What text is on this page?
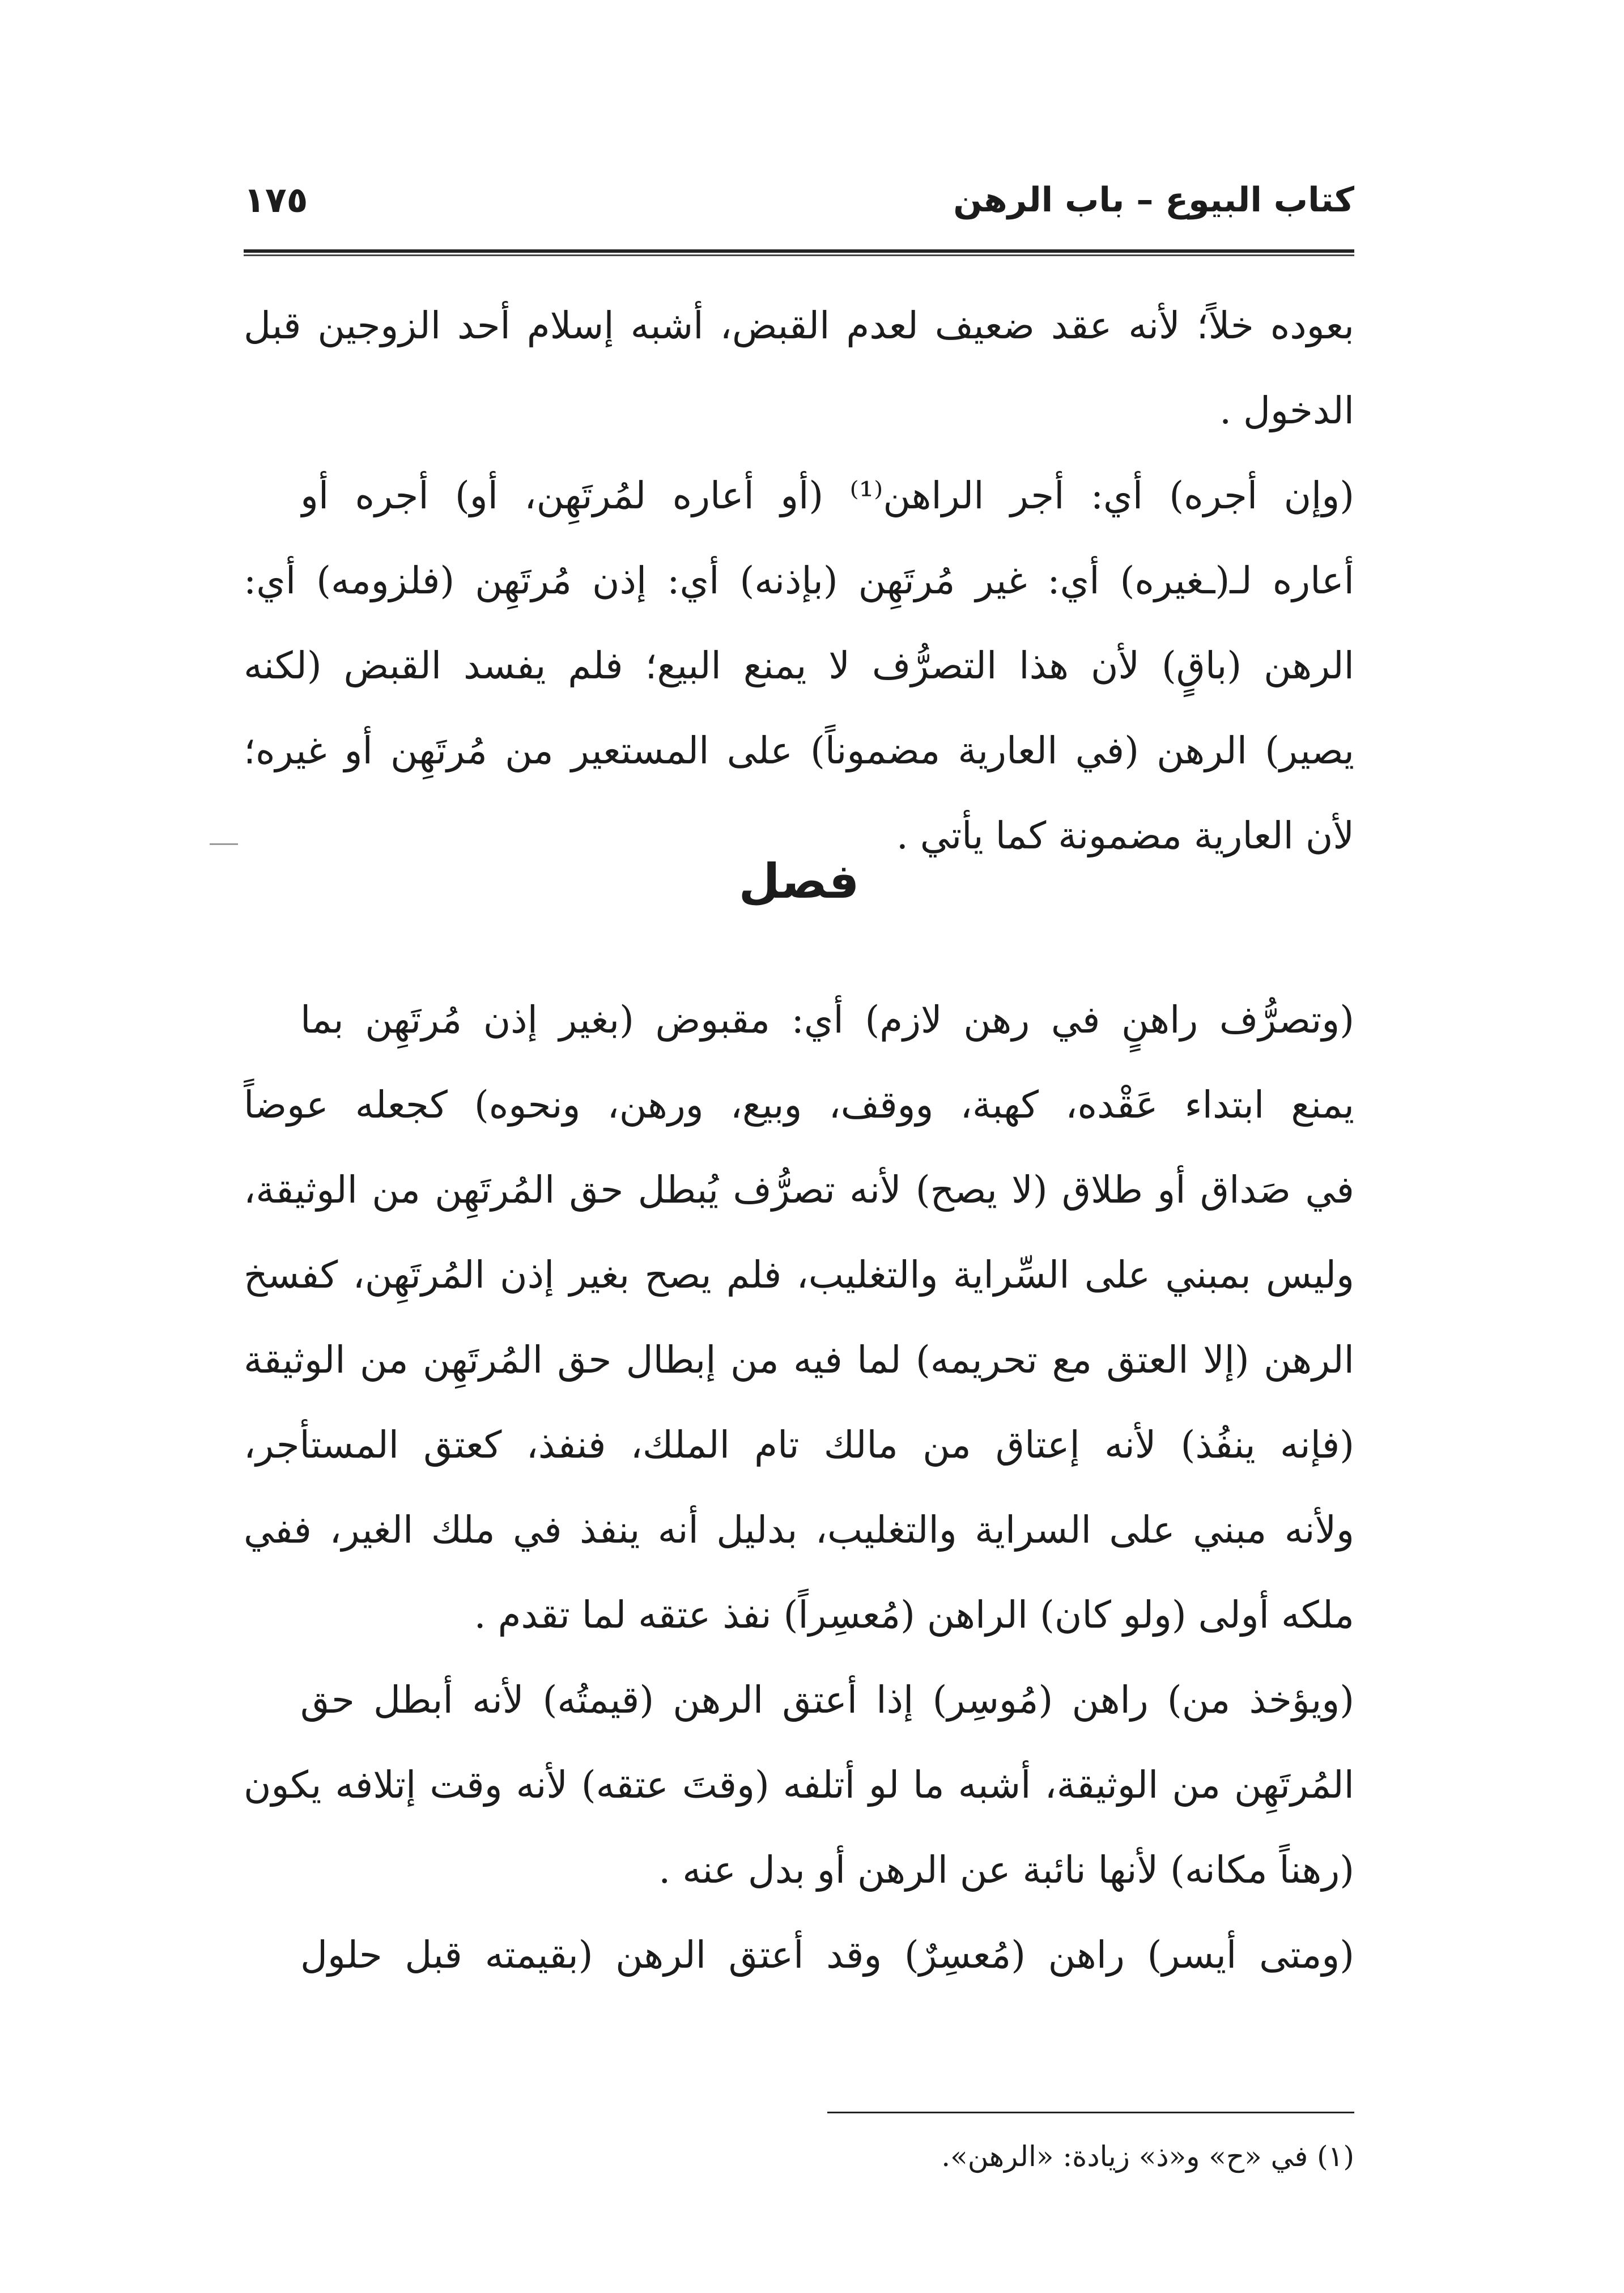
كتاب البيوع – باب الرهن
١٧٥
بعوده خلاً؛ لأنه عقد ضعيف لعدم القبض، أشبه إسلام أحد الزوجين قبل
الدخول .
(وإن أجره) أي: أجر الراهن⁽¹⁾ (أو أعاره لمُرتَهِن، أو) أجره أو
أعاره لـ(ـغيره) أي: غير مُرتَهِن (بإذنه) أي: إذن مُرتَهِن (فلزومه) أي:
الرهن (باقٍ) لأن هذا التصرُّف لا يمنع البيع؛ فلم يفسد القبض (لكنه
يصير) الرهن (في العارية مضموناً) على المستعير من مُرتَهِن أو غيره؛
لأن العارية مضمونة كما يأتي .
فصل
(وتصرُّف راهنٍ في رهن لازم) أي: مقبوض (بغير إذن مُرتَهِن بما
يمنع ابتداء عَقْده، كهبة، ووقف، وبيع، ورهن، ونحوه) كجعله عوضاً
في صَداق أو طلاق (لا يصح) لأنه تصرُّف يُبطل حق المُرتَهِن من الوثيقة،
وليس بمبني على السِّراية والتغليب، فلم يصح بغير إذن المُرتَهِن، كفسخ
الرهن (إلا العتق مع تحريمه) لما فيه من إبطال حق المُرتَهِن من الوثيقة
(فإنه ينفُذ) لأنه إعتاق من مالك تام الملك، فنفذ، كعتق المستأجر،
ولأنه مبني على السراية والتغليب، بدليل أنه ينفذ في ملك الغير، ففي
ملكه أولى (ولو كان) الراهن (مُعسِراً) نفذ عتقه لما تقدم .
(ويؤخذ من) راهن (مُوسِر) إذا أعتق الرهن (قيمتُه) لأنه أبطل حق
المُرتَهِن من الوثيقة، أشبه ما لو أتلفه (وقتَ عتقه) لأنه وقت إتلافه يكون
(رهناً مكانه) لأنها نائبة عن الرهن أو بدل عنه .
(ومتى أيسر) راهن (مُعسِرٌ) وقد أعتق الرهن (بقيمته قبل حلول
(١) في «ح» و«ذ» زيادة: «الرهن».
